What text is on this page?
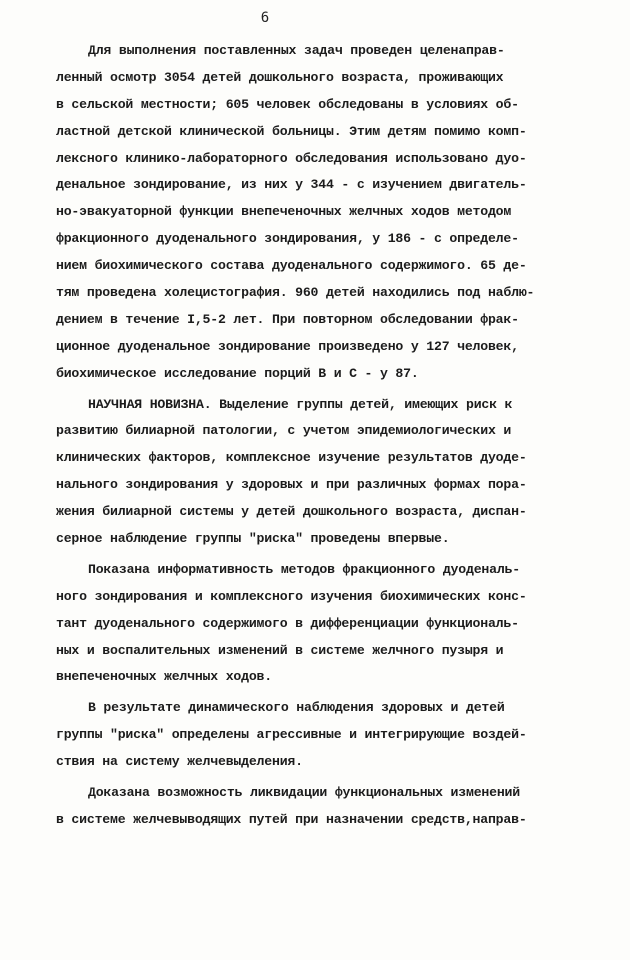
6
Для выполнения поставленных задач проведен целенаправ-
ленный осмотр 3054 детей дошкольного возраста, проживающих
в сельской местности; 605 человек обследованы в условиях об-
ластной детской клинической больницы. Этим детям помимо комп-
лексного клинико-лабораторного обследования использовано дуо-
денальное зондирование, из них у 344 - с изучением двигатель-
но-эвакуаторной функции внепеченочных желчных ходов методом
фракционного дуоденального зондирования, у 186 - с определе-
нием биохимического состава дуоденального содержимого. 65 де-
тям проведена холецистография. 960 детей находились под наблю-
дением в течение I,5-2 лет. При повторном обследовании фрак-
ционное дуоденальное зондирование произведено у 127 человек,
биохимическое исследование порций В и С - у 87.
НАУЧНАЯ НОВИЗНА. Выделение группы детей, имеющих риск к
развитию билиарной патологии, с учетом эпидемиологических и
клинических факторов, комплексное изучение результатов дуоде-
нального зондирования у здоровых и при различных формах пора-
жения билиарной системы у детей дошкольного возраста, диспан-
серное наблюдение группы "риска" проведены впервые.
Показана информативность методов фракционного дуоденаль-
ного зондирования и комплексного изучения биохимических конс-
тант дуоденального содержимого в дифференциации функциональ-
ных и воспалительных изменений в системе желчного пузыря и
внепеченочных желчных ходов.
В результате динамического наблюдения здоровых и детей
группы "риска" определены агрессивные и интегрирующие воздей-
ствия на систему желчевыделения.
Доказана возможность ликвидации функциональных изменений
в системе желчевыводящих путей при назначении средств,направ-
